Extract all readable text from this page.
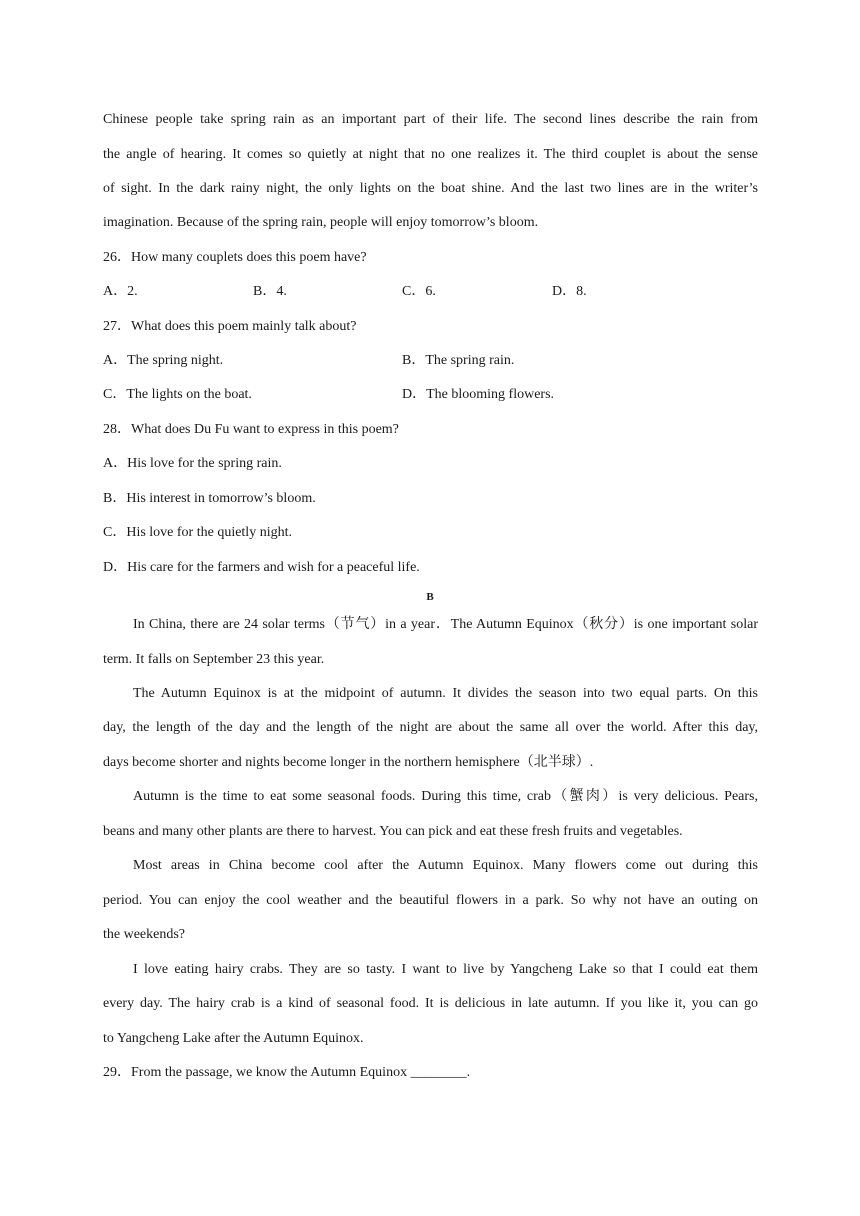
Chinese people take spring rain as an important part of their life. The second lines describe the rain from
the angle of hearing. It comes so quietly at night that no one realizes it. The third couplet is about the sense
of sight. In the dark rainy night, the only lights on the boat shine. And the last two lines are in the writer’s
imagination. Because of the spring rain, people will enjoy tomorrow’s bloom.
26．How many couplets does this poem have?
A．2.	B．4.	C．6.	D．8.
27．What does this poem mainly talk about?
A．The spring night.	B．The spring rain.
C．The lights on the boat.	D．The blooming flowers.
28．What does Du Fu want to express in this poem?
A．His love for the spring rain.
B．His interest in tomorrow’s bloom.
C．His love for the quietly night.
D．His care for the farmers and wish for a peaceful life.
B
In China, there are 24 solar terms（节气）in a year．The Autumn Equinox（秋分）is one important solar
term. It falls on September 23 this year.
The Autumn Equinox is at the midpoint of autumn. It divides the season into two equal parts. On this
day, the length of the day and the length of the night are about the same all over the world. After this day,
days become shorter and nights become longer in the northern hemisphere（北半球）.
Autumn is the time to eat some seasonal foods. During this time, crab（蟹肉）is very delicious. Pears,
beans and many other plants are there to harvest. You can pick and eat these fresh fruits and vegetables.
Most areas in China become cool after the Autumn Equinox. Many flowers come out during this
period. You can enjoy the cool weather and the beautiful flowers in a park. So why not have an outing on
the weekends?
I love eating hairy crabs. They are so tasty. I want to live by Yangcheng Lake so that I could eat them
every day. The hairy crab is a kind of seasonal food. It is delicious in late autumn. If you like it, you can go
to Yangcheng Lake after the Autumn Equinox.
29．From the passage, we know the Autumn Equinox ________.
